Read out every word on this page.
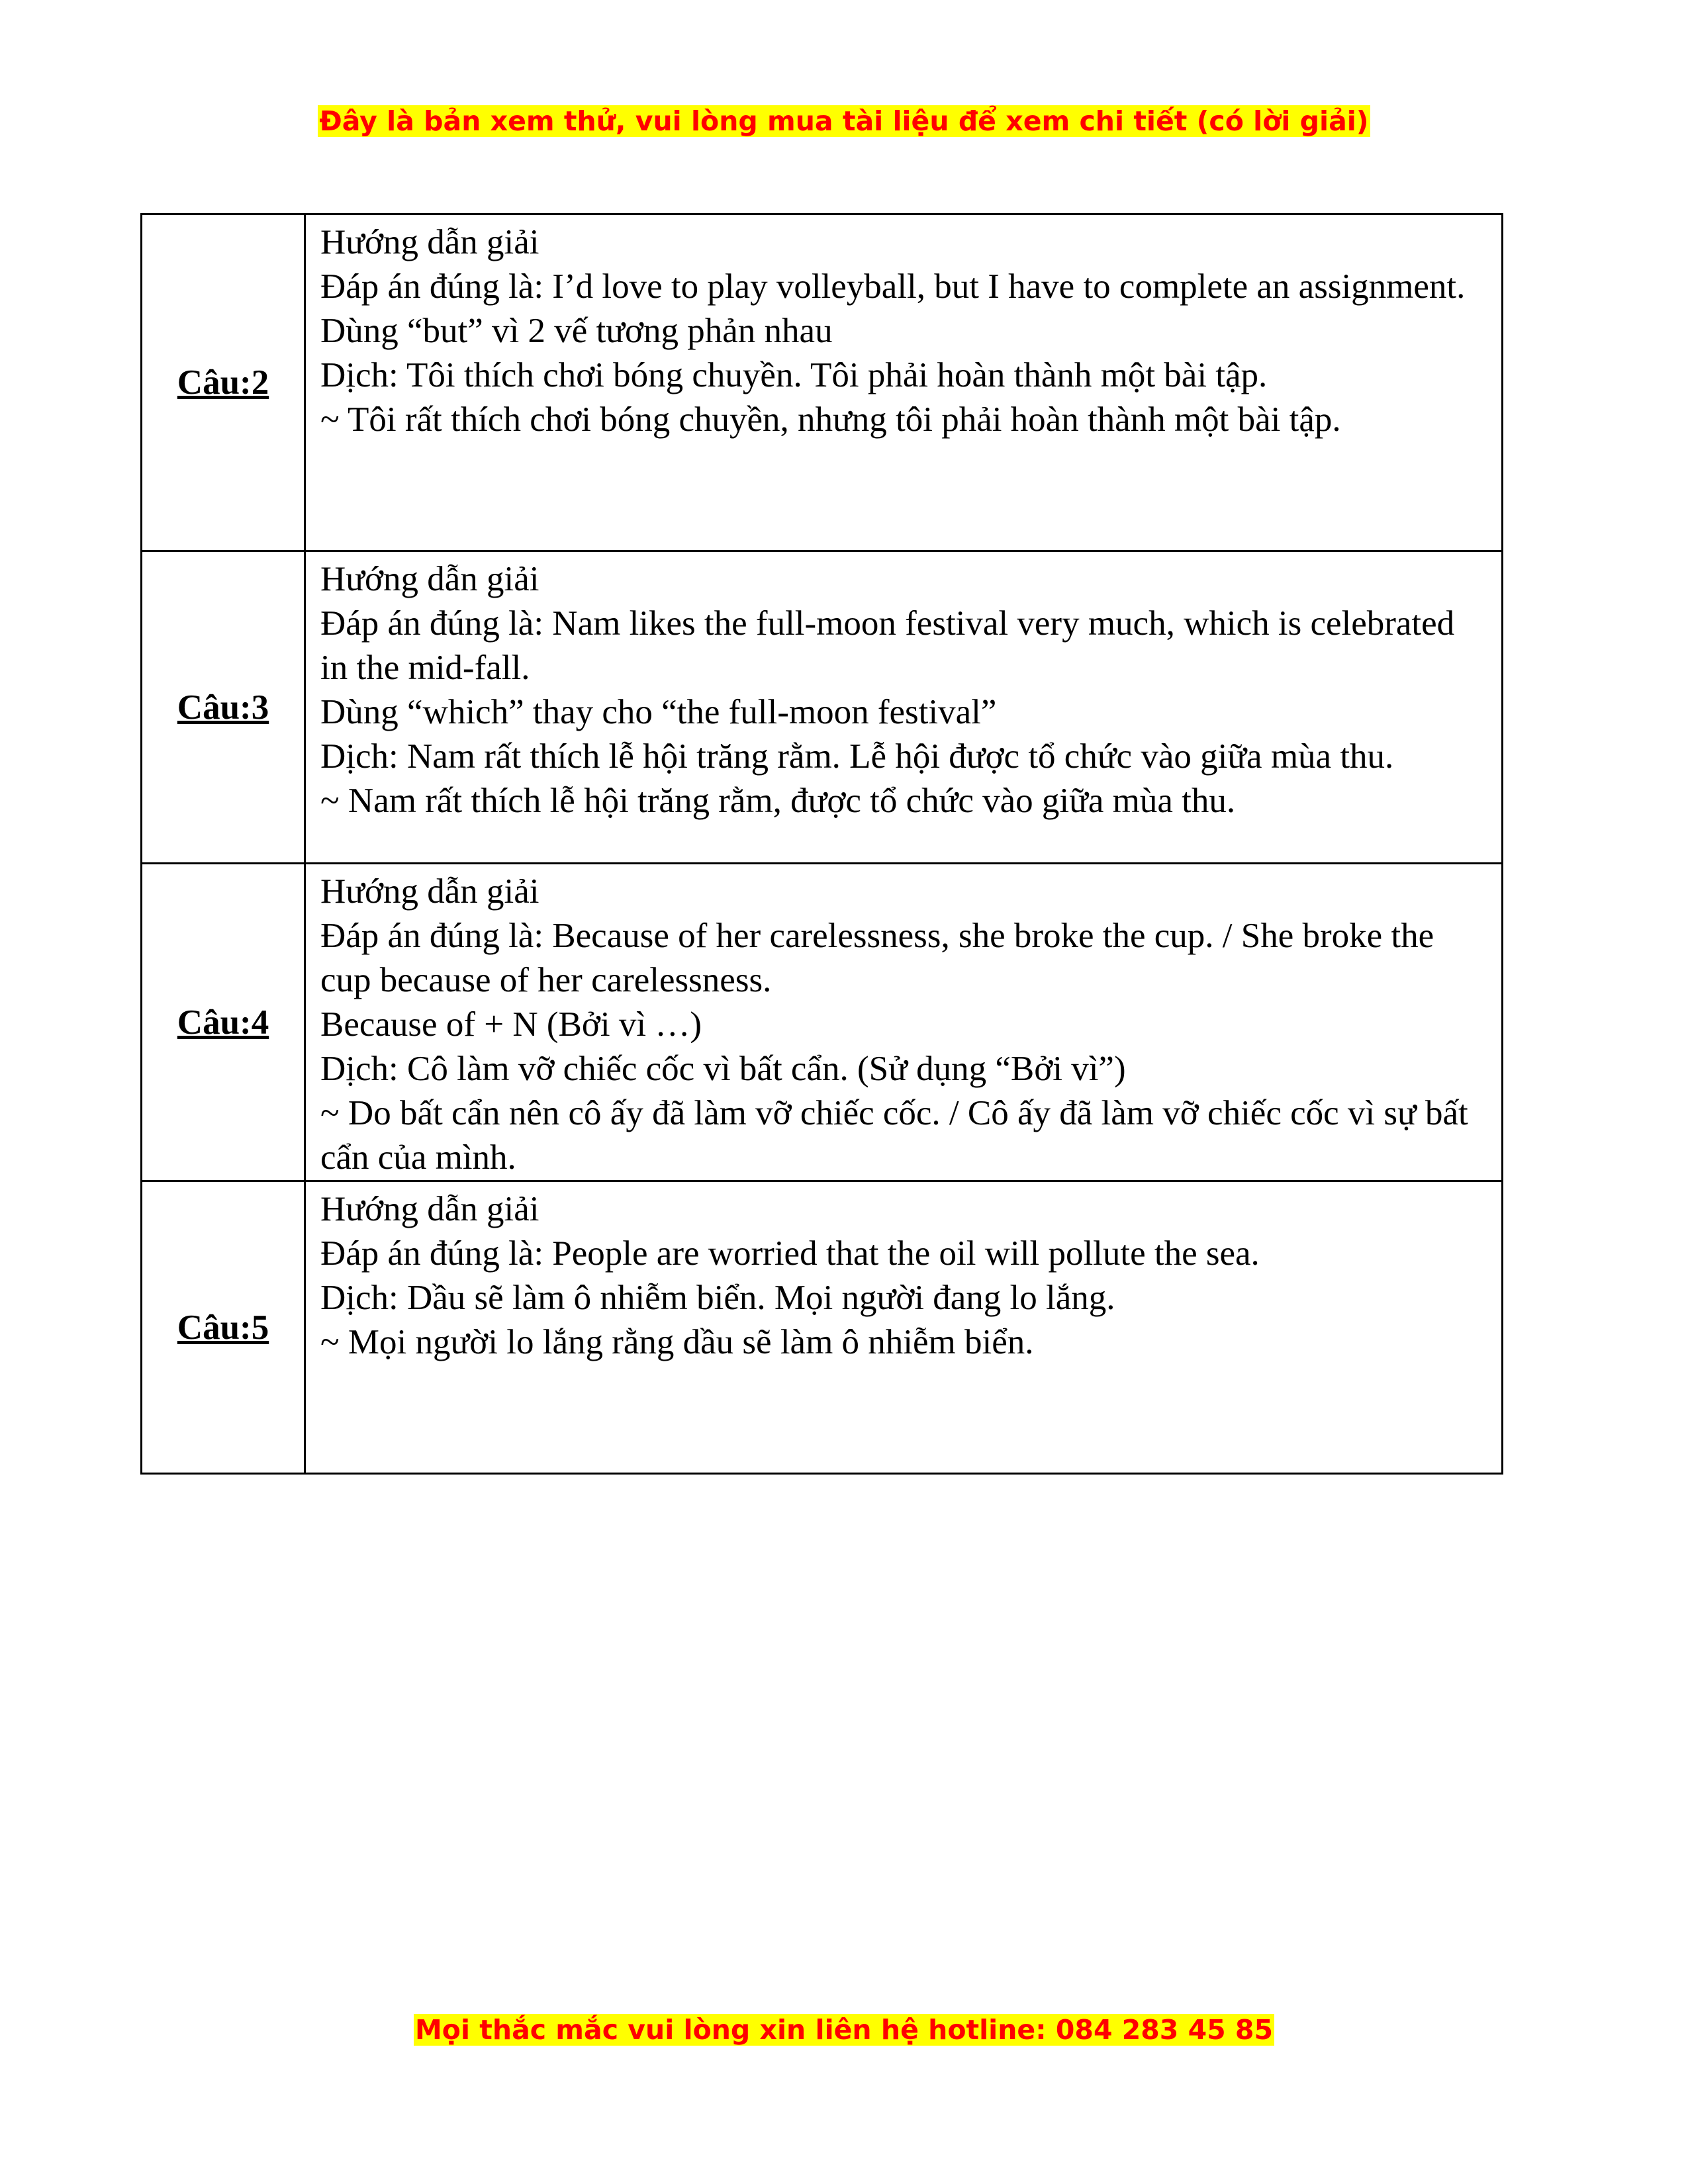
Đây là bản xem thử, vui lòng mua tài liệu để xem chi tiết (có lời giải)
Câu:2	Hướng dẫn giải
Đáp án đúng là: I’d love to play volleyball, but I have to complete an assignment.
Dùng “but” vì 2 vế tương phản nhau
Dịch: Tôi thích chơi bóng chuyền. Tôi phải hoàn thành một bài tập.
~ Tôi rất thích chơi bóng chuyền, nhưng tôi phải hoàn thành một bài tập.

Câu:3	Hướng dẫn giải
Đáp án đúng là: Nam likes the full-moon festival very much, which is celebrated in the mid-fall.
Dùng “which” thay cho “the full-moon festival”
Dịch: Nam rất thích lễ hội trăng rằm. Lễ hội được tổ chức vào giữa mùa thu.
~ Nam rất thích lễ hội trăng rằm, được tổ chức vào giữa mùa thu.

Câu:4	Hướng dẫn giải
Đáp án đúng là: Because of her carelessness, she broke the cup. / She broke the cup because of her carelessness.
Because of + N (Bởi vì …)
Dịch: Cô làm vỡ chiếc cốc vì bất cẩn. (Sử dụng “Bởi vì”)
~ Do bất cẩn nên cô ấy đã làm vỡ chiếc cốc. / Cô ấy đã làm vỡ chiếc cốc vì sự bất cẩn của mình.

Câu:5	Hướng dẫn giải
Đáp án đúng là: People are worried that the oil will pollute the sea.
Dịch: Dầu sẽ làm ô nhiễm biển. Mọi người đang lo lắng.
~ Mọi người lo lắng rằng dầu sẽ làm ô nhiễm biển.
Mọi thắc mắc vui lòng xin liên hệ hotline: 084 283 45 85
